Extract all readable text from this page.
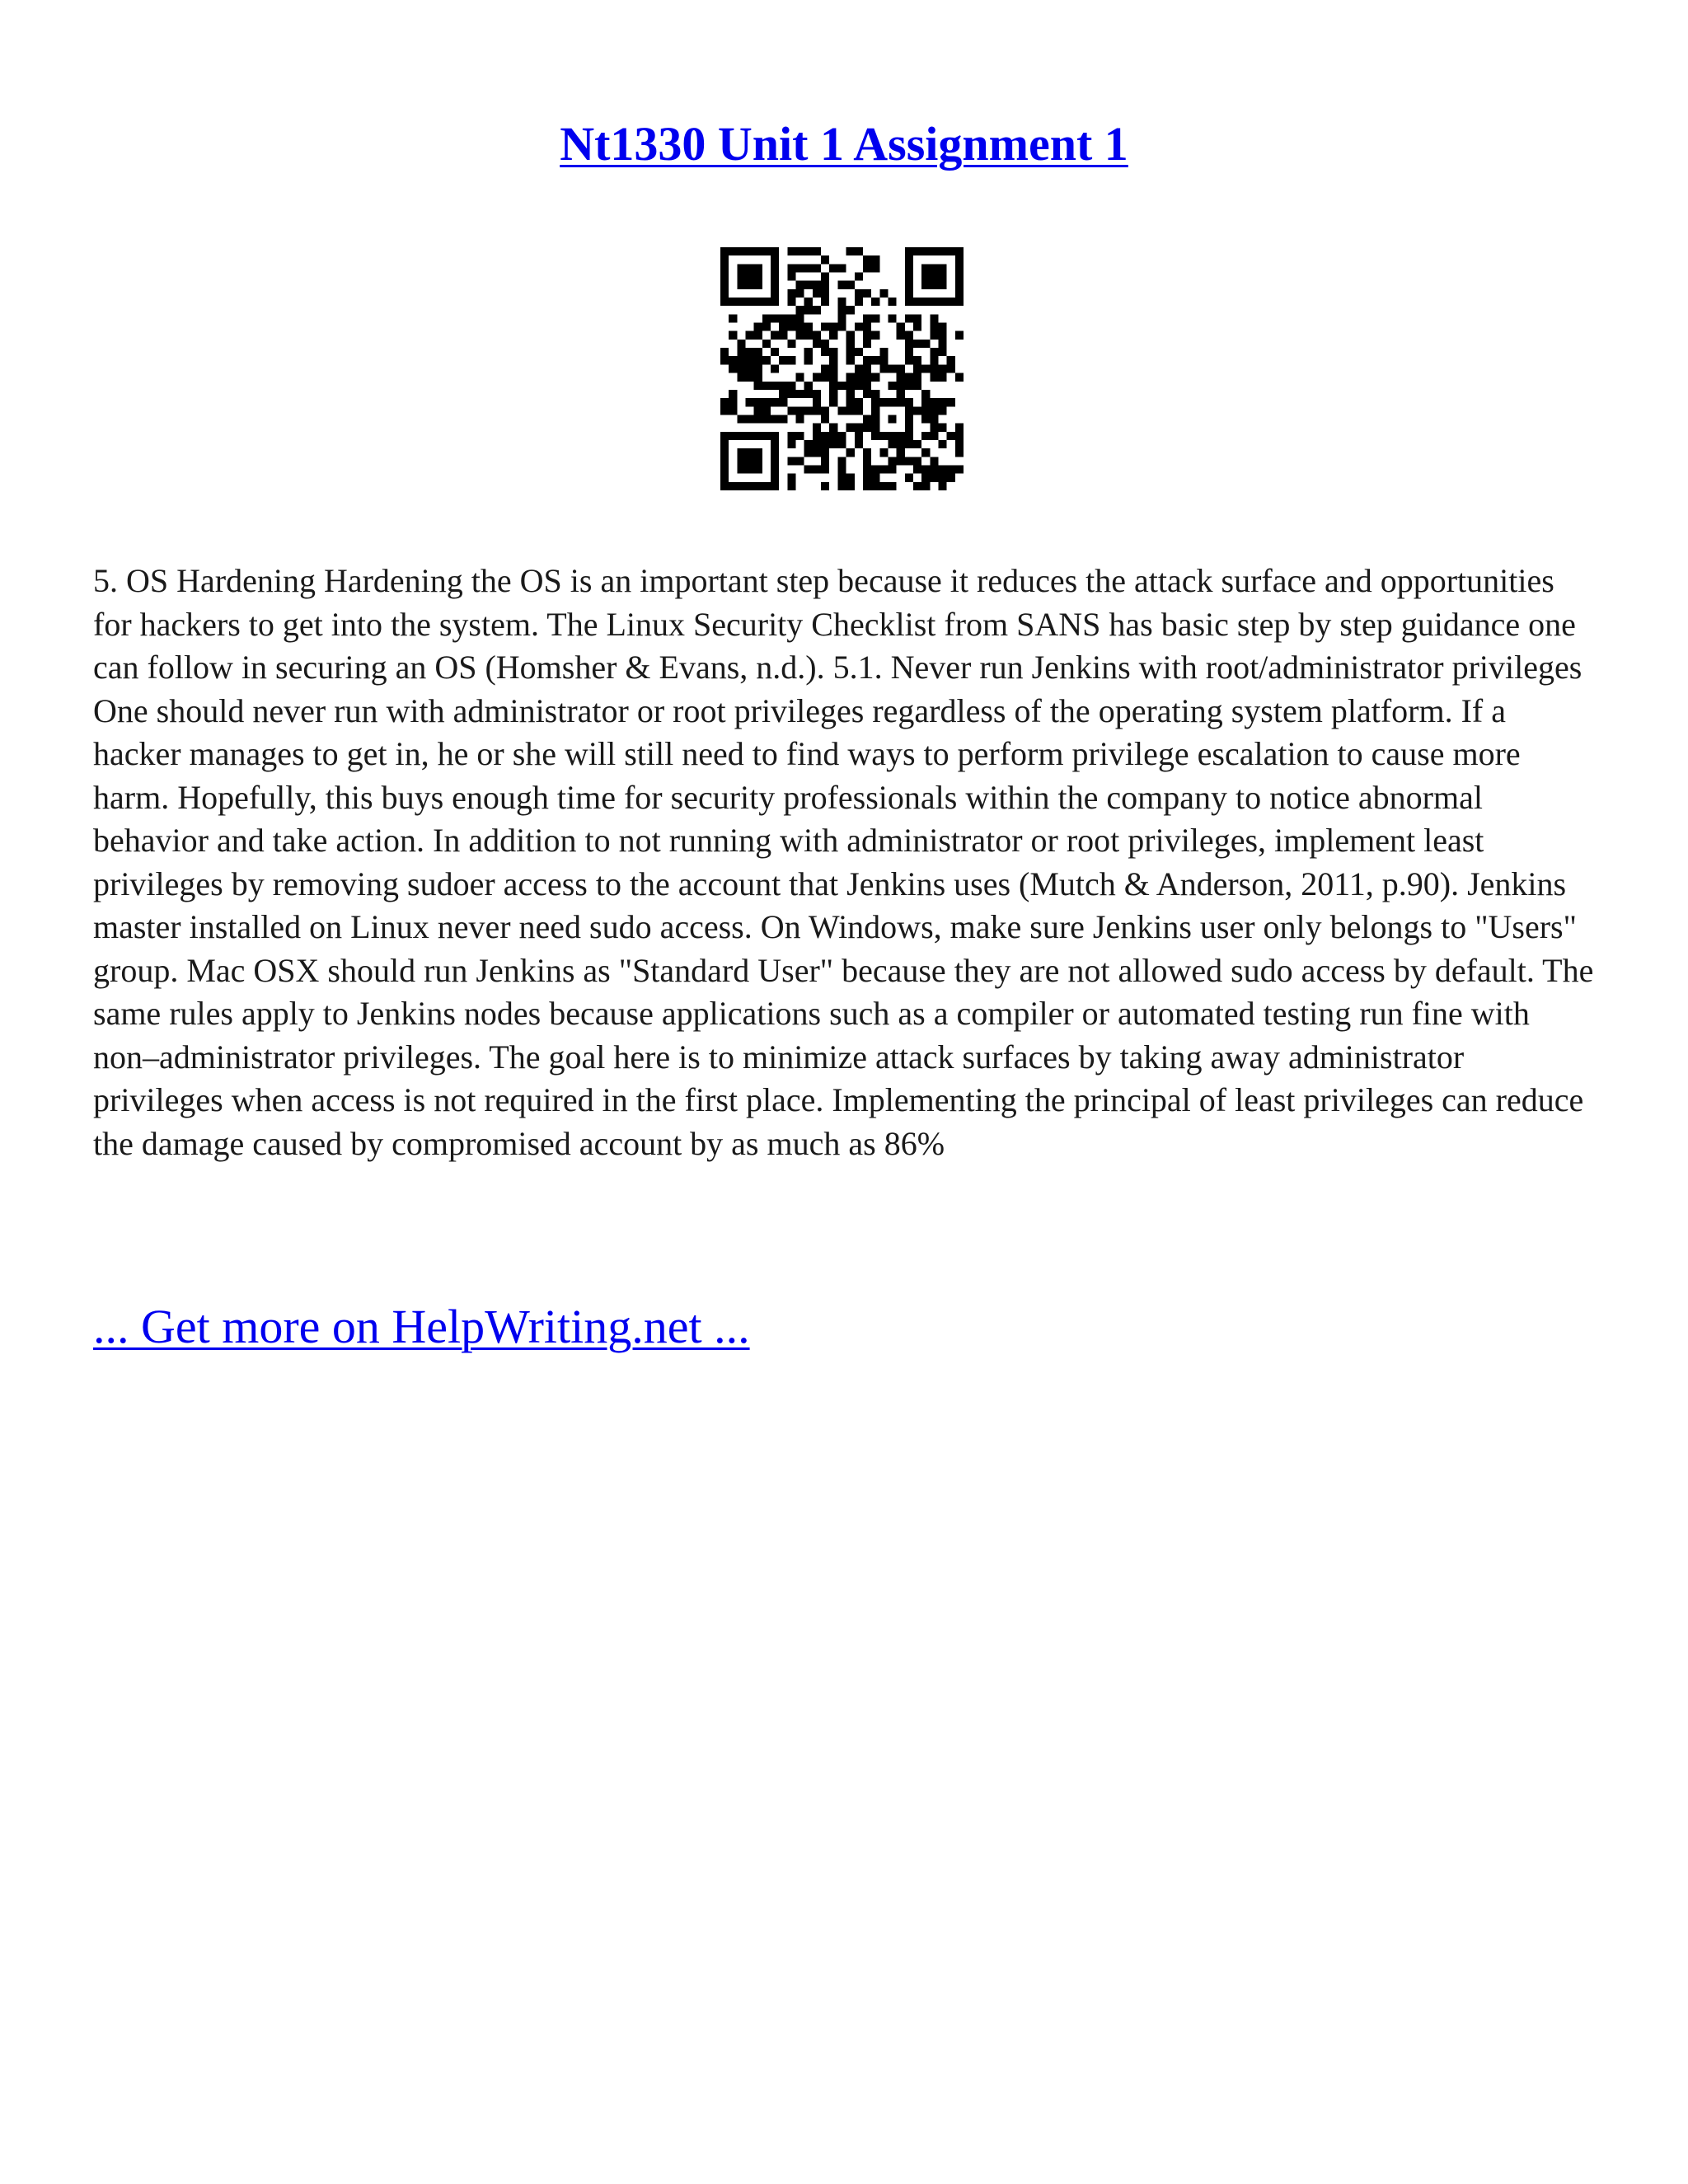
Nt1330 Unit 1 Assignment 1

5. OS Hardening Hardening the OS is an important step because it reduces the attack surface and opportunities for hackers to get into the system. The Linux Security Checklist from SANS has basic step by step guidance one can follow in securing an OS (Homsher & Evans, n.d.). 5.1. Never run Jenkins with root/administrator privileges One should never run with administrator or root privileges regardless of the operating system platform. If a hacker manages to get in, he or she will still need to find ways to perform privilege escalation to cause more harm. Hopefully, this buys enough time for security professionals within the company to notice abnormal behavior and take action. In addition to not running with administrator or root privileges, implement least privileges by removing sudoer access to the account that Jenkins uses (Mutch & Anderson, 2011, p.90). Jenkins master installed on Linux never need sudo access. On Windows, make sure Jenkins user only belongs to "Users" group. Mac OSX should run Jenkins as "Standard User" because they are not allowed sudo access by default. The same rules apply to Jenkins nodes because applications such as a compiler or automated testing run fine with non–administrator privileges. The goal here is to minimize attack surfaces by taking away administrator privileges when access is not required in the first place. Implementing the principal of least privileges can reduce the damage caused by compromised account by as much as 86%

... Get more on HelpWriting.net ...
